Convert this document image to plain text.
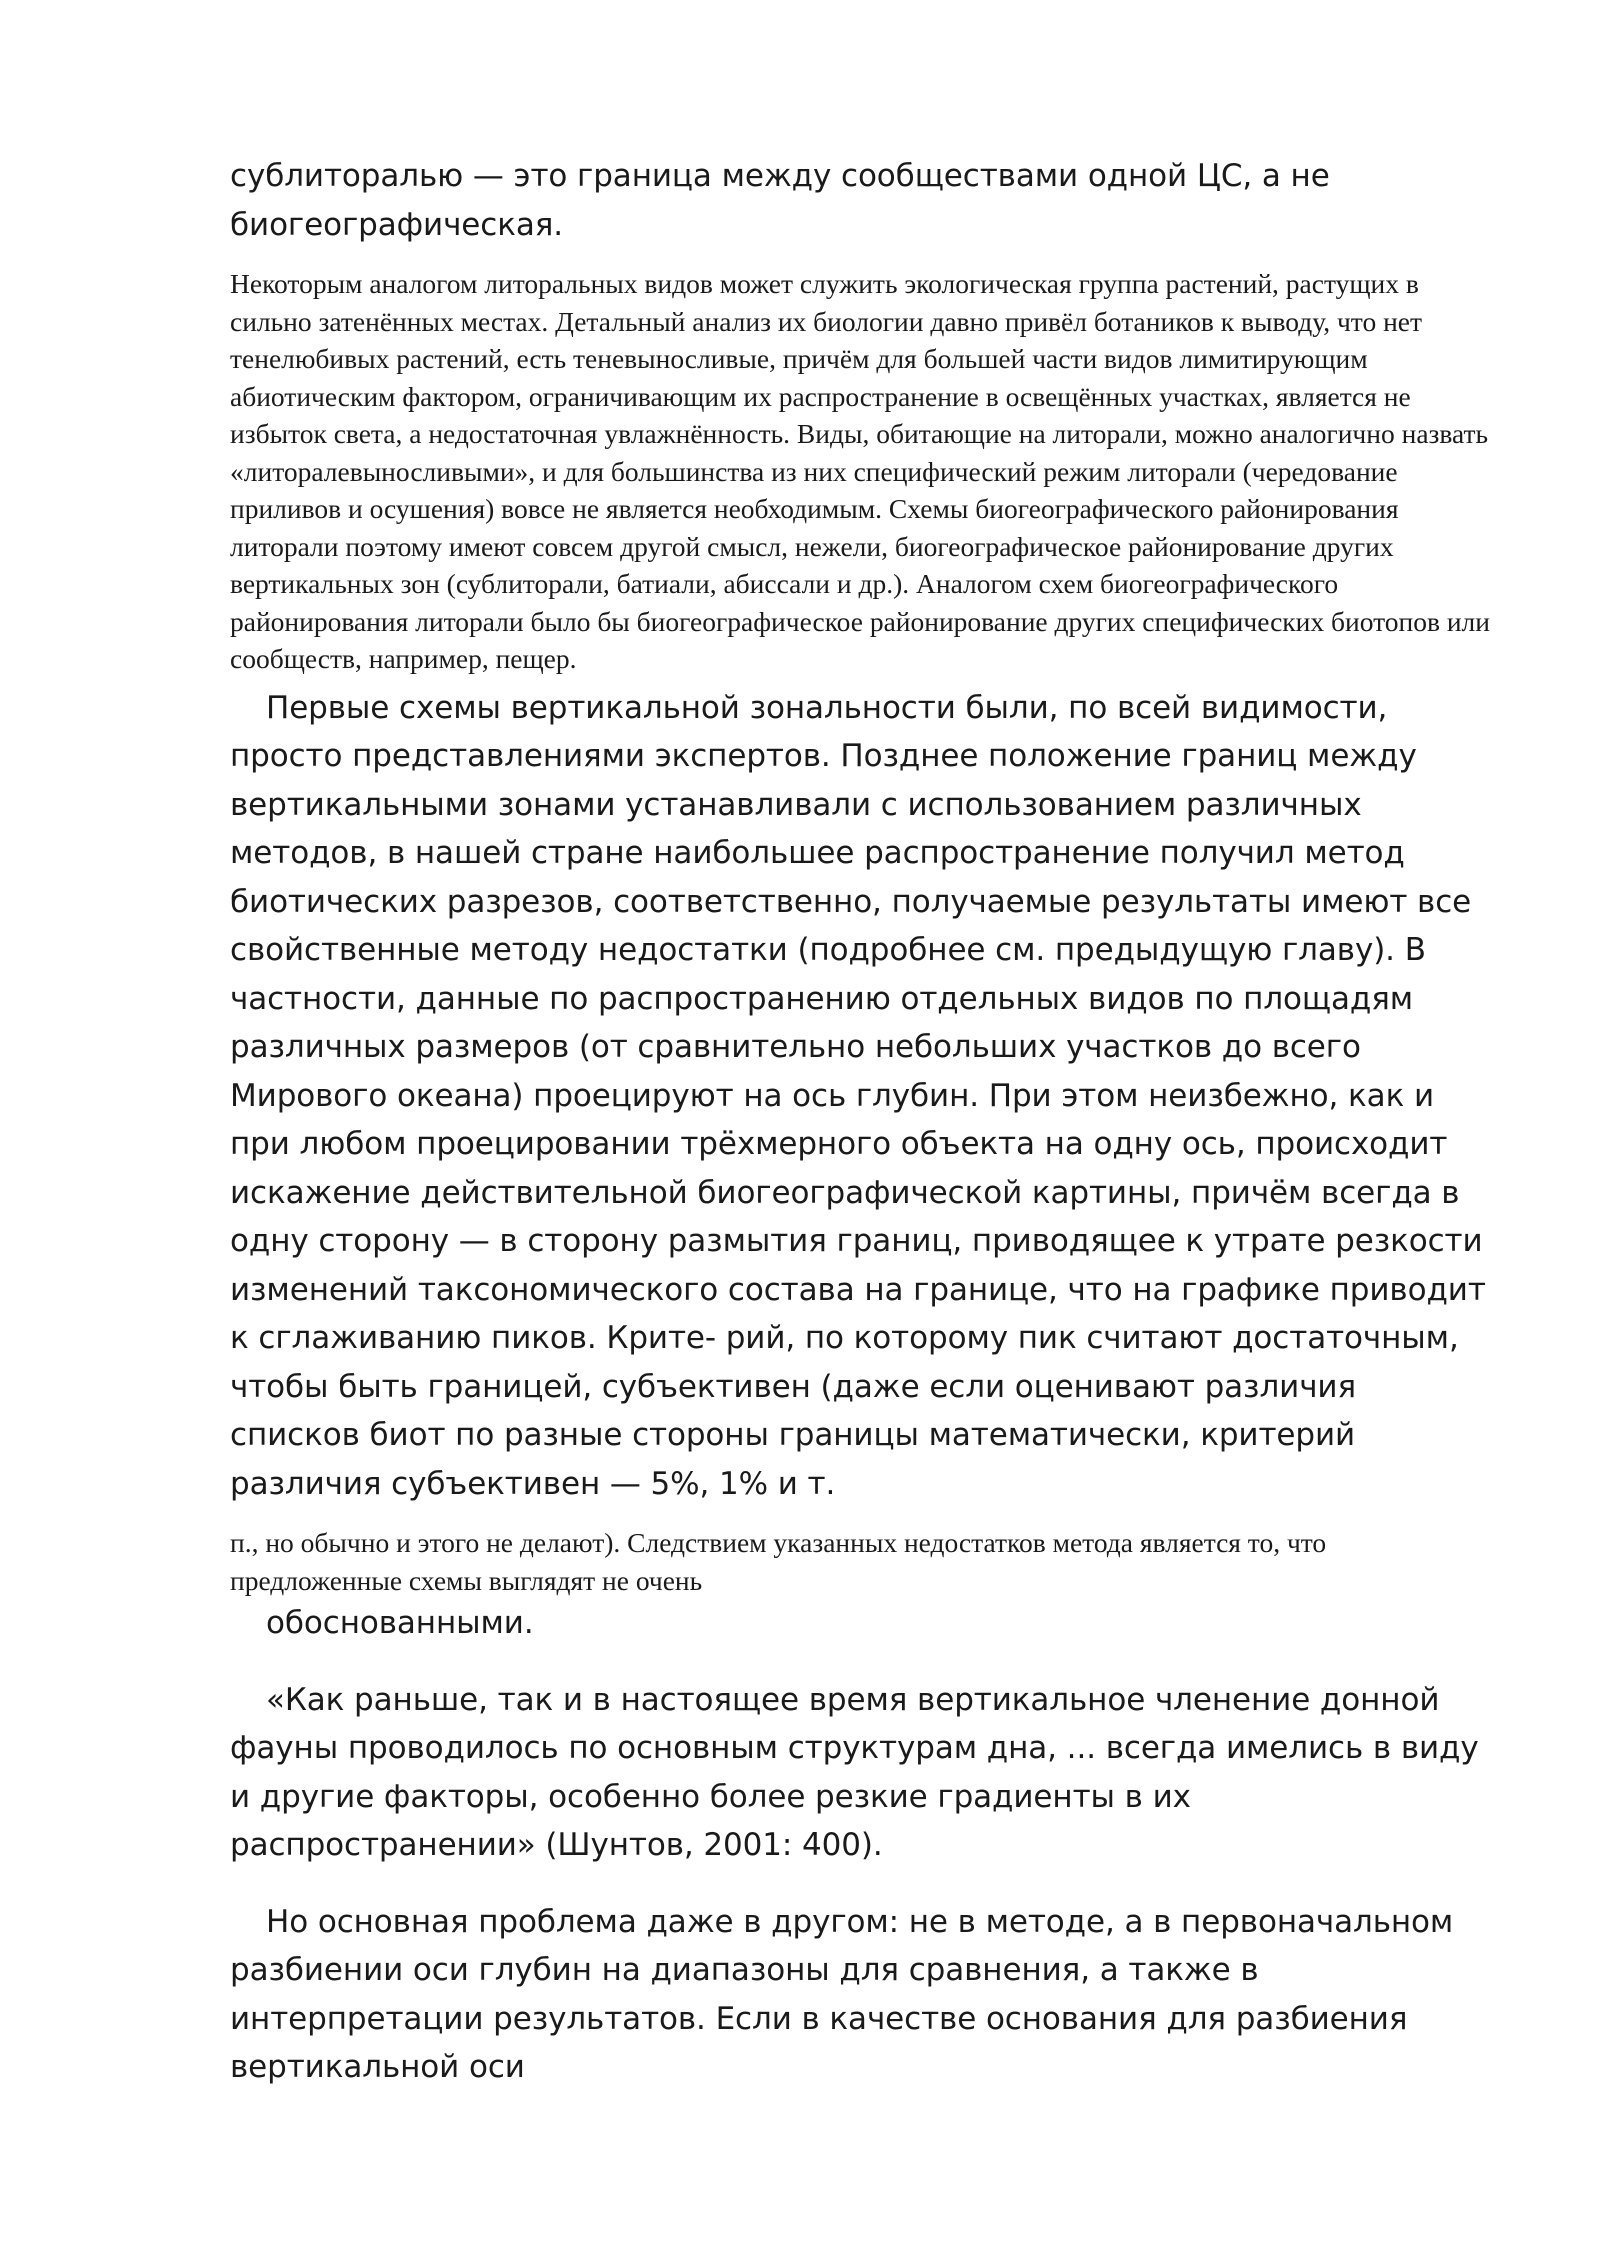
сублиторалью — это граница между сообществами одной ЦС, а не биогеографическая.

Некоторым аналогом литоральных видов может служить экологическая группа растений, растущих в сильно затенённых местах. Детальный анализ их биологии давно привёл ботаников к выводу, что нет тенелюбивых растений, есть теневыносливые, причём для большей части видов лимитирующим абиотическим фактором, ограничивающим их распространение в освещённых участках, является не избыток света, а недостаточная увлажнённость. Виды, обитающие на литорали, можно аналогично назвать «литоралевыносливыми», и для большинства из них специфический режим литорали (чередование приливов и осушения) вовсе не является необходимым. Схемы биогеографического районирования литорали поэтому имеют совсем другой смысл, нежели, биогеографическое районирование других вертикальных зон (сублиторали, батиали, абиссали и др.). Аналогом схем биогеографического районирования литорали было бы биогеографическое районирование других специфических биотопов или сообществ, например, пещер.

Первые схемы вертикальной зональности были, по всей видимости, просто представлениями экспертов. Позднее положение границ между вертикальными зонами устанавливали с использованием различных методов, в нашей стране наибольшее распространение получил метод биотических разрезов, соответственно, получаемые результаты имеют все свойственные методу недостатки (подробнее см. предыдущую главу). В частности, данные по распространению отдельных видов по площадям различных размеров (от сравнительно небольших участков до всего Мирового океана) проецируют на ось глубин. При этом неизбежно, как и при любом проецировании трёхмерного объекта на одну ось, происходит искажение действительной биогеографической картины, причём всегда в одну сторону — в сторону размытия границ, приводящее к утрате резкости изменений таксономического состава на границе, что на графике приводит к сглаживанию пиков. Крите- рий, по которому пик считают достаточным, чтобы быть границей, субъективен (даже если оценивают различия списков биот по разные стороны границы математически, критерий различия субъективен — 5%, 1% и т.

п., но обычно и этого не делают). Следствием указанных недостатков метода является то, что предложенные схемы выглядят не очень

обоснованными.

«Как раньше, так и в настоящее время вертикальное членение донной фауны проводилось по основным структурам дна, ... всегда имелись в виду и другие факторы, особенно более резкие градиенты в их распространении» (Шунтов, 2001: 400).

Но основная проблема даже в другом: не в методе, а в первоначальном разбиении оси глубин на диапазоны для сравнения, а также в интерпретации результатов. Если в качестве основания для разбиения вертикальной оси
